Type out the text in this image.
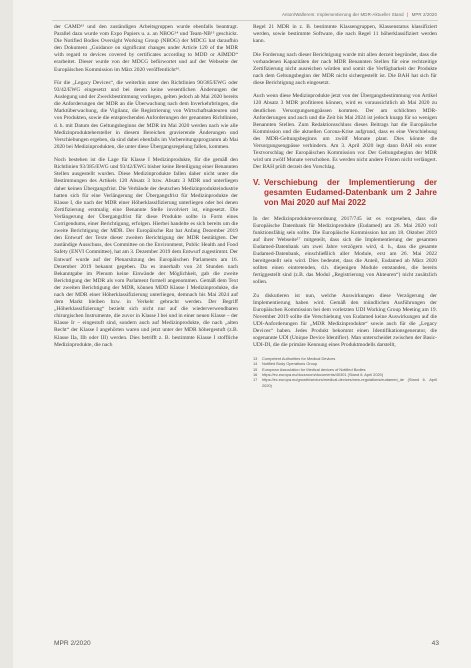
Anton/Wallerem: Implementierung der MDR-Aktueller Stand | MPR 2/2020

der CAMD¹³ und den zuständigen Arbeitsgruppen wurde ebenfalls beantragt. Parallel dazu wurde vom Expo Papiers u. a. an NBOG¹⁴ und Team-NB¹⁵ geschickt. Die Notified Bodies Oversight Working Group (NBOG) der MDCG hat daraufhin den Dokument „Guidance on significant changes under Article 120 of the MDR with regard to devices covered by certificates according to MDD or AIMDD“ erarbeitet. Dieser wurde von der MDCG befürwortet und auf der Webseite der Europäischen Kommission im März 2020 veröffentlicht¹⁶.

Für die „Legacy Devices“, die weiterhin unter den Richtlinien 90/385/EWG oder 93/42/EWG eingesetzt und bei denen keine wesentlichen Änderungen der Auslegung und der Zweckbestimmung vorliegen, gelten jedoch ab Mai 2020 bereits die Anforderungen der MDR an die Überwachung nach dem Inverkehrbringen, die Marktüberwachung, die Vigilanz, die Registrierung von Wirtschaftsakteuren und von Produkten, sowie die entsprechenden Anforderungen der genannten Richtlinien, d. h. mit Datum des Geltungsbeginns der MDR im Mai 2020 werden nach wie alle Medizinproduktehersteller in diesem Bereichen gravierende Änderungen und Verschiebungen ergeben, da sind dabei ebenfalls im Vorbereitungsprogramm ab Mai 2020 bei Medizinprodukten, die unter diese Übergangsregelung fallen, kommen.

Noch bestehen ist die Lage für Klasse I Medizinprodukte, für die gemäß den Richtlinien 93/385/EWG und 93/42/EWG bisher keine Beteiligung einer Benannten Stellen ausgestellt wurden. Diese Medizinprodukte fallen daher nicht unter die Bestimmungen des Artikels 120 Absatz 3 bzw. Absatz 3 MDR und unterliegen daher keinen Übergangsfrist. Die Verbände der deutschen Medizinprodukteindustrie hatten sich für eine Verlängerung der Übergangsfrist für Medizinprodukte der Klasse I, die nach der MDR einer Höherklassifizierung unterliegen oder bei denen Zertifizierung erstmalig eine Benannte Stelle involviert ist, eingesetzt. Die Verlängerung der Übergangsfrist für diese Produkte sollte in Form eines Corrigendums, einer Berichtigung, erfolgen. Hierbei handelte es sich bereits um die zweite Berichtigung der MDR. Der Europäische Rat hat Anfang Dezember 2019 den Entwurf der Texte dieser zweiten Berichtigung der MDR bestätigten. Der zuständige Ausschuss, des Committee on the Environment, Public Health and Food Safety (ENVI Committee), hat am 3. Dezember 2019 dem Entwurf zugestimmt. Der Entwurf wurde auf der Plenarsitzung des Europäischen Parlaments am 16. Dezember 2019 bekannt gegeben. Da es innerhalb von 24 Stunden nach Bekanntgabe im Plenum keine Einwände der Möglichkeit, gab die zweite Berichtigung der MDR als vom Parlament formell angenommen. Gemäß dem Text der zweiten Berichtigung der MDR, können MDD Klasse I Medizinprodukte, die nach der MDR einer Höherklassifizierung unterliegen, demnach bis Mai 2024 auf dem Markt bleiben bzw. in Verkehr gebracht werden. Der Begriff „Höherklassifizierung“ bezieht sich nicht nur auf die wiederverwendbaren chirurgischen Instrumente, die zuvor in Klasse I bei und in einer neuen Klasse – der Klasse Ir – eingestuft sind, sondern auch auf Medizinprodukte, die nach „alten Recht“ der Klasse I angehörten waren und jetzt unter der MDR höhergestuft (z.B. Klasse IIa, IIb oder III) werden. Dies betrifft z. B. bestimmte Klasse I stoffliche Medizinprodukte, die nach

Regel 21 MDR in z. B. bestimmte Klassengruppen, Klassenstatus klassifiziert werden, sowie bestimmte Software, die nach Regel 11 höherklassifiziert werden kann.

Die Forderung nach dieser Berichtigung wurde mit allen derzeit begründet, dass die vorhandenen Kapazitäten der nach MDR Benannten Stellen für eine rechtzeitige Zertifizierung nicht ausreichen würden und somit die Verfügbarkeit der Produkte nach dem Geltungsbeginn der MDR nicht sichergestellt ist. Die BAH hat sich für diese Berichtigung auch eingesetzt.

Auch wenn diese Medizinprodukte jetzt von der Übergangsbestimmung von Artikel 120 Absatz 3 MDR profitieren können, wird es voraussichtlich ab Mai 2020 zu deutlichen Versorgungsengpässen kommen. Der am schlichten MDR-Anforderungen und auch und die Zeit bis Mai 2024 ist jedoch knapp für so wenigen Benannten Stellen. Zum Redaktionsschluss dieses Beitrags hat die Europäische Kommission und die aktuellen Corona-Krise aufgrund, dass es eine Verschiebung des MDR-Geltungsbeginns um zwölf Monate plant. Dies könnte die Versorgungsengpässe verhindern. Am 3. April 2020 legt dann BAH ein erster Textvorschlag der Europäischen Kommission vor. Der Geltungsbeginn der MDR wird um zwölf Monate verschoben. Es werden nicht andere Fristen nicht verlängert. Der BAH prüft derzeit den Vorschlag.

V. Verschiebung der Implementierung der gesamten Eudamed-Datenbank um 2 Jahre von Mai 2020 auf Mai 2022

In der Medizinprodukteverordnung 2017/745 ist es vorgesehen, dass die Europäische Datenbank für Medizinprodukte (Eudamed) am 26. Mai 2020 voll funktionsfähig sein sollte. Die Europäische Kommission hat am 18. Oktober 2019 auf ihrer Webseite¹⁷ mitgeteilt, dass sich die Implementierung der gesamten Eudamed-Datenbank um zwei Jahre verzögern wird, d. h., dass die gesamte Eudamed-Datenbank, einschließlich aller Module, erst am 26. Mai 2022 bereitgestellt sein wird. Dies bedeutet, dass die Anteil, Eudamed ab März 2020 sollten einen eintretenden, d.h. diejenigen Module entstanden, die bereits fertiggestellt sind (z.B. das Modul „Registrierung von Akteuren“) nicht zusätzlich sollen.

Zu diskutieren ist nun, welche Auswirkungen diese Verzögerung der Implementierung haben wird. Gemäß den mündlichen Ausführungen der Europäischen Kommission bei dem vorletzten UDI Working Group Meeting am 19. November 2019 sollte die Verschiebung von Eudamed keine Auswirkungen auf die UDI-Anforderungen für „MDR Medizinprodukte“ sowie auch für die „Legacy Devices“ haben. Jedes Produkt bekommt einen Identifikationsgenerator, die sogenannte UDI (Unique Device Identifier). Man unterscheidet zwischen der Basic-UDI-DI, die die primäre Kennung eines Produktmodells darstellt,

13	Competent Authorities for Medical Devices
14	Notified Body Operations Group
15	European Association for Medical devices of Notified Bodies
16	https://ec.europa.eu/docsroom/documents/40301 (Stand 6. April 2020)
17	https://ec.europa.eu/growth/sectors/medical-devices/new-regulations/eudamed_de (Stand 6. April 2020)
MPR 2/2020	43
